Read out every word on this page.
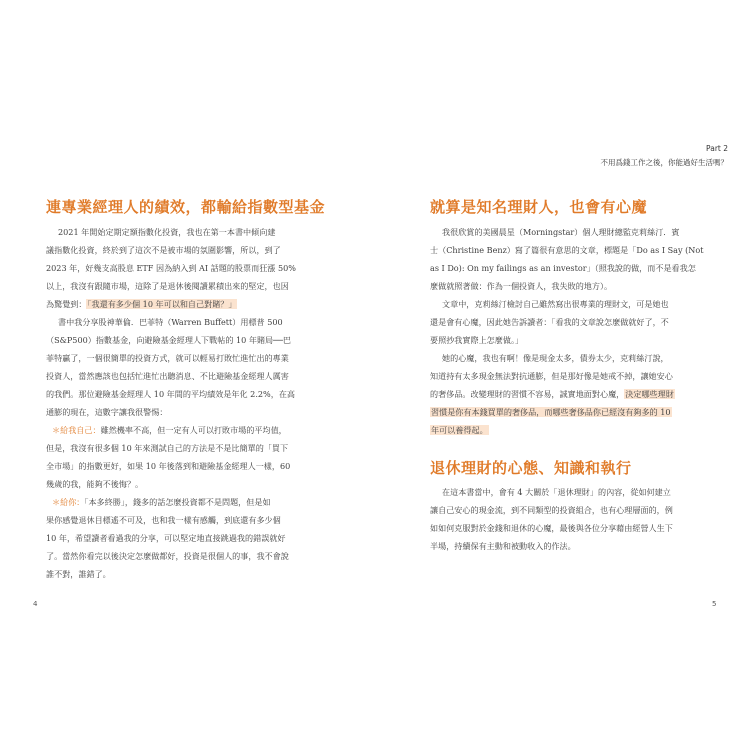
連專業經理人的績效，都輸給指數型基金
2021 年開始定期定額指數化投資，我也在第一本書中傾向建
議指數化投資，終於到了這次不是被市場的氛圍影響，所以，到了
2023 年，好幾支高股息 ETF 因為納入到 AI 話題的股票而狂漲 50%
以上，我沒有跟隨市場，這除了是退休後閱讀累積出來的堅定，也因
為驚覺到：「我還有多少個 10 年可以和自己對賭？」
書中我分享股神華倫．巴菲特（Warren Buffett）用標普 500
（S&P500）指數基金，向避險基金經理人下戰帖的 10 年賭局──巴
菲特贏了，一個很簡單的投資方式，就可以輕易打敗忙進忙出的專業
投資人，當然應該也包括忙進忙出聽消息、不比避險基金經理人厲害
的我們。那位避險基金經理人 10 年間的平均績效是年化 2.2%，在高
通膨的現在，這數字讓我很警惕：
＊給我自己：雖然機率不高，但一定有人可以打敗市場的平均值，
但是，我沒有很多個 10 年來測試自己的方法是不是比簡單的「買下
全市場」的指數更好，如果 10 年後落到和避險基金經理人一樣，60
幾歲的我，能夠不後悔？。
＊給你：「本多終勝」，錢多的話怎麼投資都不是問題，但是如
果你感覺退休目標遙不可及，也和我一樣有感觸，到底還有多少個
10 年，希望讀者看過我的分享，可以堅定地直接跳過我的錯誤就好
了。當然你看完以後決定怎麼做都好，投資是很個人的事，我不會說
誰不對，誰錯了。
4
Part 2
不用爲錢工作之後，你能過好生活嗎？
就算是知名理財人，也會有心魔
我很欣賞的美國晨星（Morningstar）個人理財總監克莉絲汀．賓
士（Christine Benz）寫了篇很有意思的文章，標題是「Do as I Say (Not
as I Do): On my failings as an investor」（照我說的做，而不是看我怎
麼做就照著做：作為一個投資人，我失敗的地方）。
文章中，克莉絲汀檢討自己雖然寫出很專業的理財文，可是她也
還是會有心魔，因此她告訴讀者：「看我的文章說怎麼做就好了，不
要照抄我實際上怎麼做。」
她的心魔，我也有啊！像是現金太多，債券太少，克莉絲汀說，
知道持有太多現金無法對抗通膨，但是那好像是她戒不掉，讓她安心
的奢侈品。改變理財的習慣不容易，誠實地面對心魔，決定哪些理財
習慣是你有本錢買單的奢侈品，而哪些奢侈品你已經沒有夠多的 10
年可以養得起。
退休理財的心態、知識和執行
在這本書當中，會有 4 大關於「退休理財」的內容，從如何建立
讓自己安心的現金流，到不同類型的投資組合，也有心理層面的，例
如如何克服對於金錢和退休的心魔，最後與各位分享藉由經營人生下
半場，持續保有主動和被動收入的作法。
5
